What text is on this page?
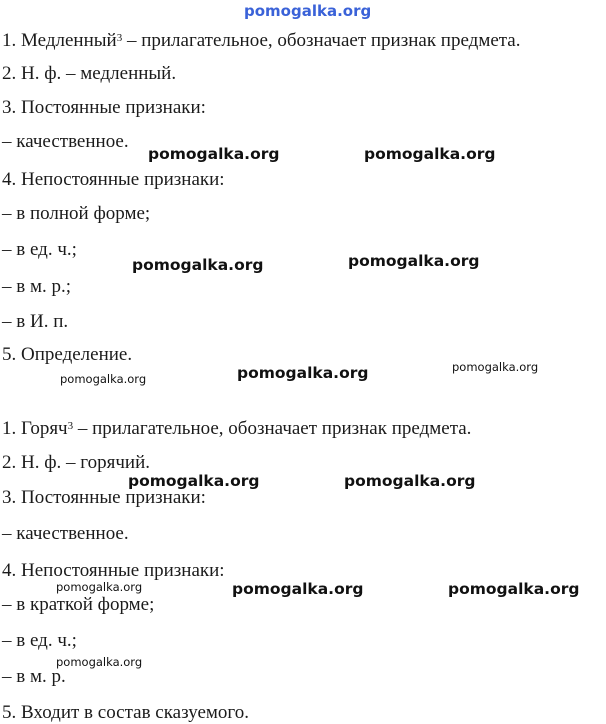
pomogalka.org
1. Медленный$^3$ – прилагательное, обозначает признак предмета.
2. Н. ф. – медленный.
3. Постоянные признаки:
– качественное.
4. Непостоянные признаки:
– в полной форме;
– в ед. ч.;
– в м. р.;
– в И. п.
5. Определение.
1. Горяч$^3$ – прилагательное, обозначает признак предмета.
2. Н. ф. – горячий.
3. Постоянные признаки:
– качественное.
4. Непостоянные признаки:
– в краткой форме;
– в ед. ч.;
– в м. р.
5. Входит в состав сказуемого.
pomogalka.org	pomogalka.org
pomogalka.org	pomogalka.org
pomogalka.org	pomogalka.org	pomogalka.org
pomogalka.org	pomogalka.org
pomogalka.org	pomogalka.org	pomogalka.org
pomogalka.org
